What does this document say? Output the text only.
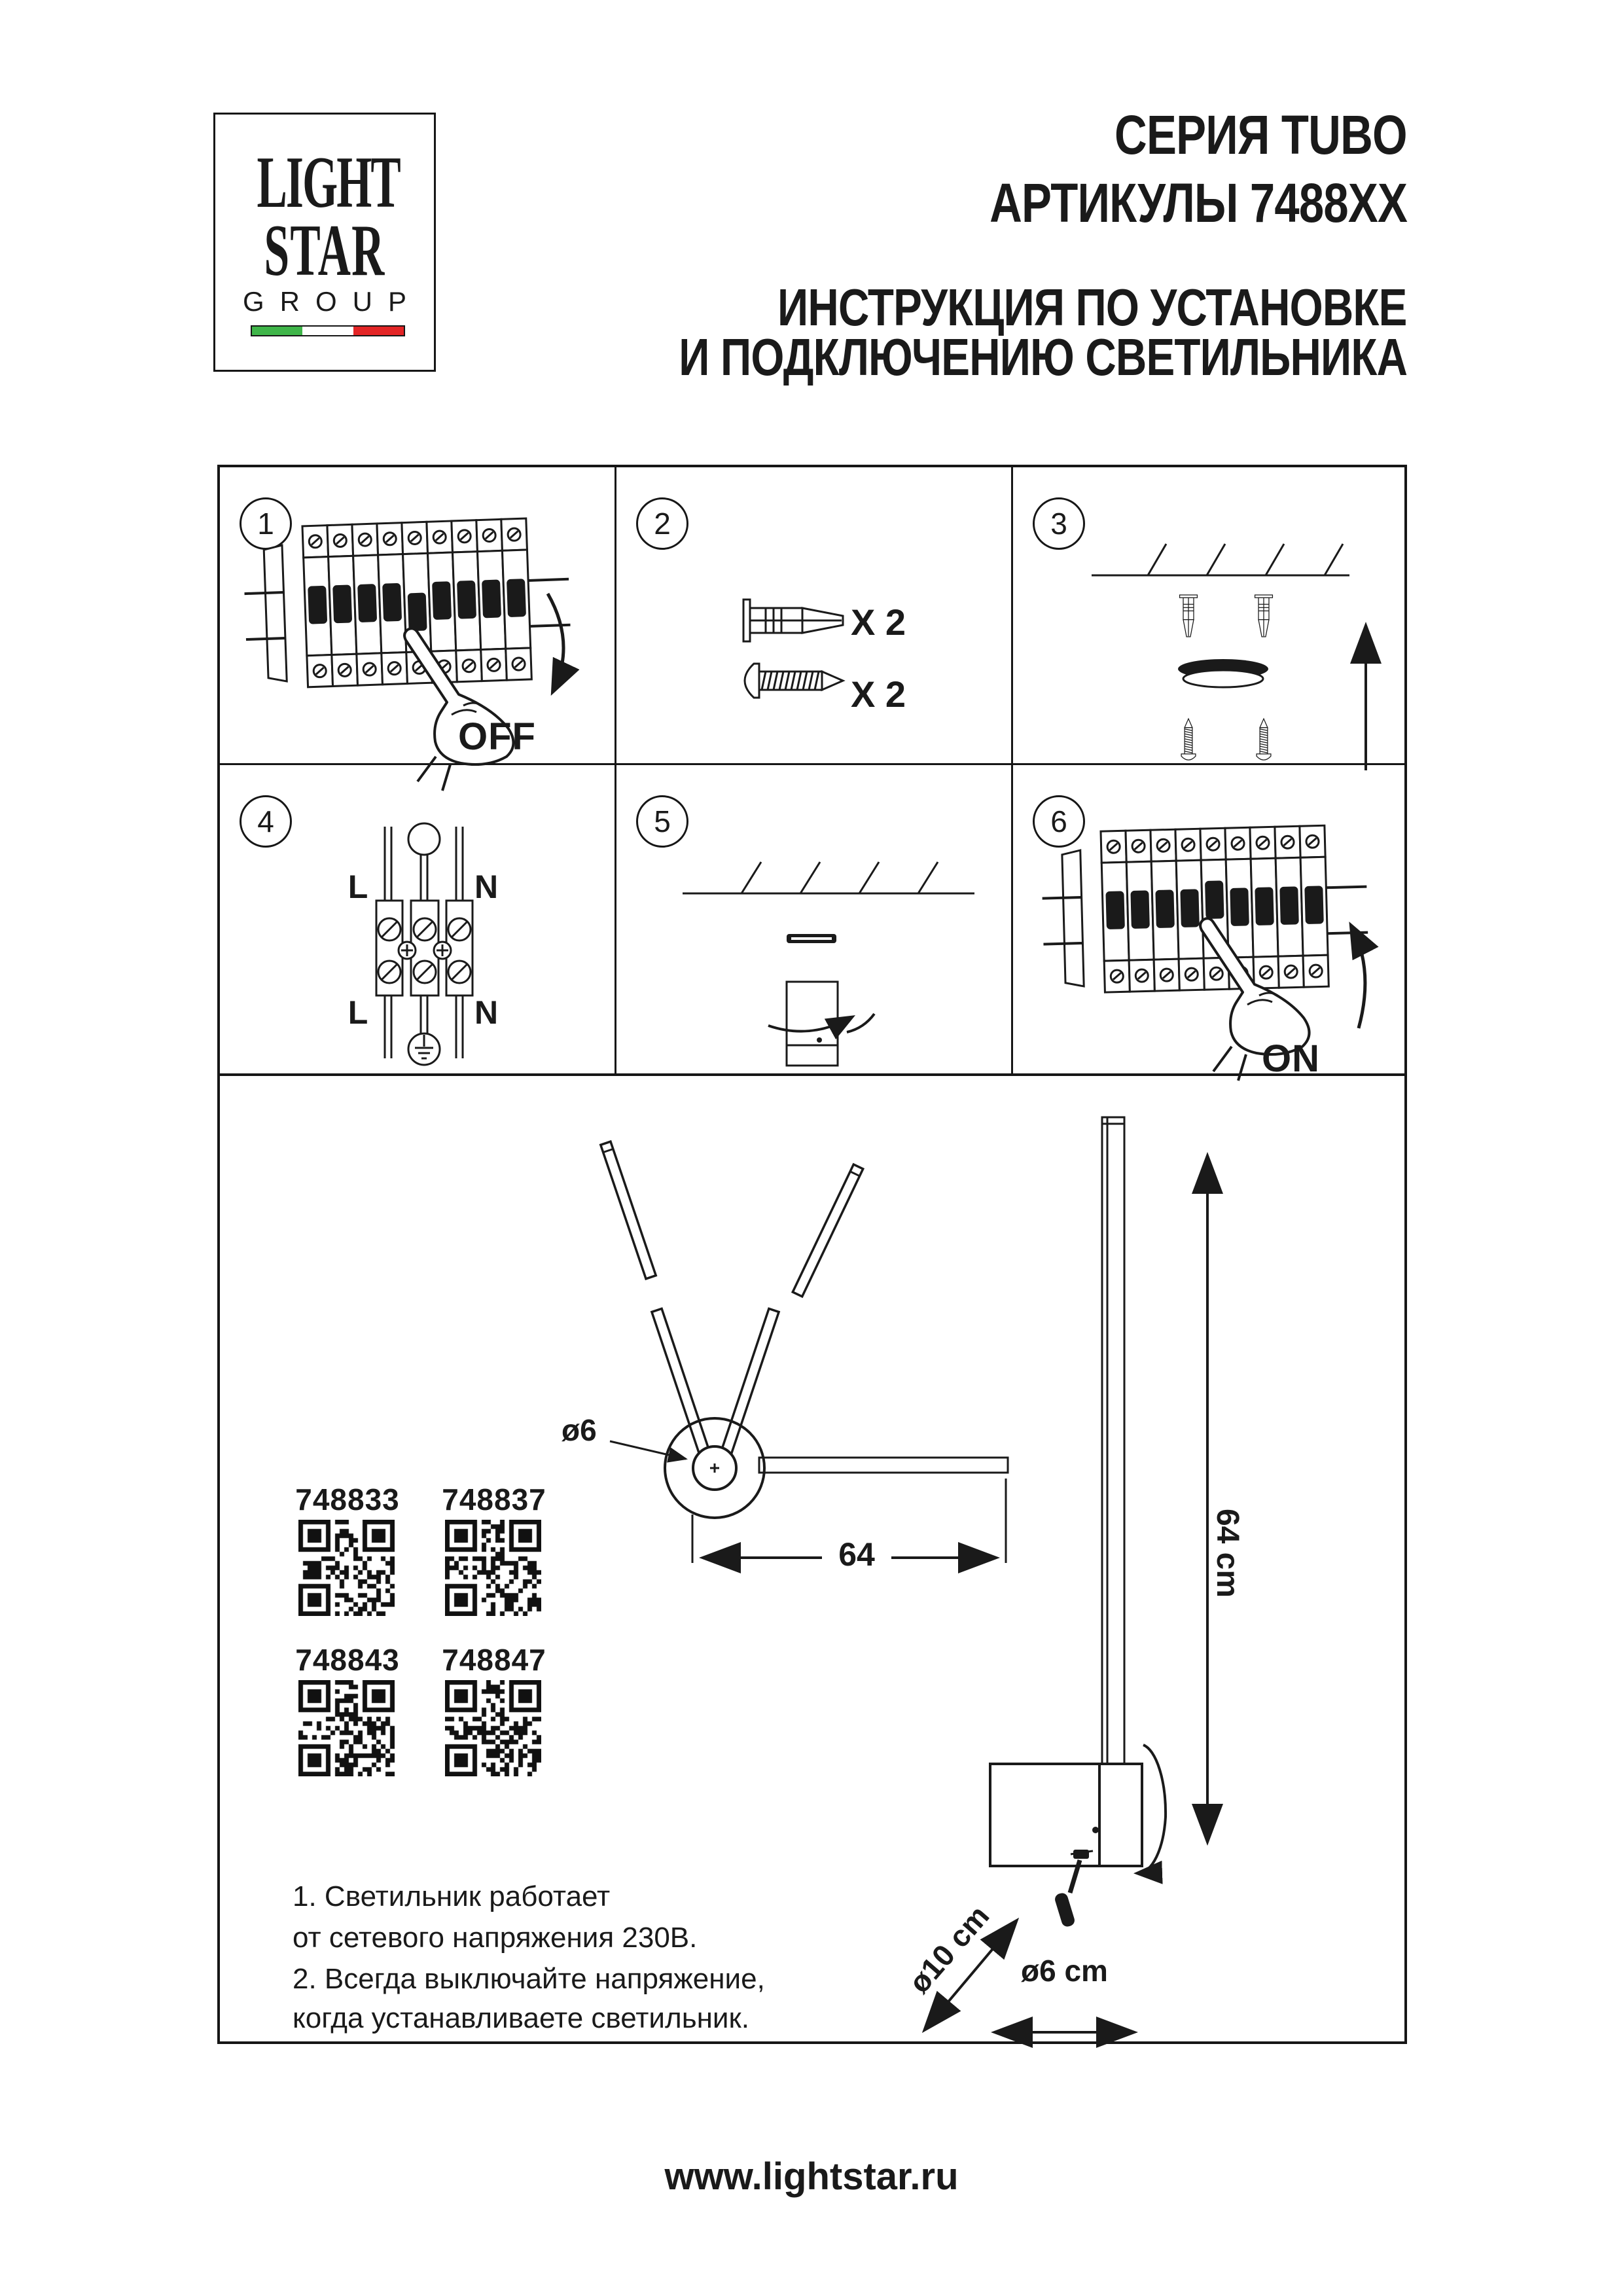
LIGHT
STAR
GROUP
СЕРИЯ TUBO
АРТИКУЛЫ 7488XX
ИНСТРУКЦИЯ ПО УСТАНОВКЕ
И ПОДКЛЮЧЕНИЮ СВЕТИЛЬНИКА
1	2	3
4	5	6
OFF
X 2
X 2
L	N
L	N
ON
ø6
64	64 cm
ø10 cm ø6 cm
748833 748837
748843 748847
1. Светильник работает
от сетевого напряжения 230В.
2. Всегда выключайте напряжение,
когда устанавливаете светильник.
www.lightstar.ru
